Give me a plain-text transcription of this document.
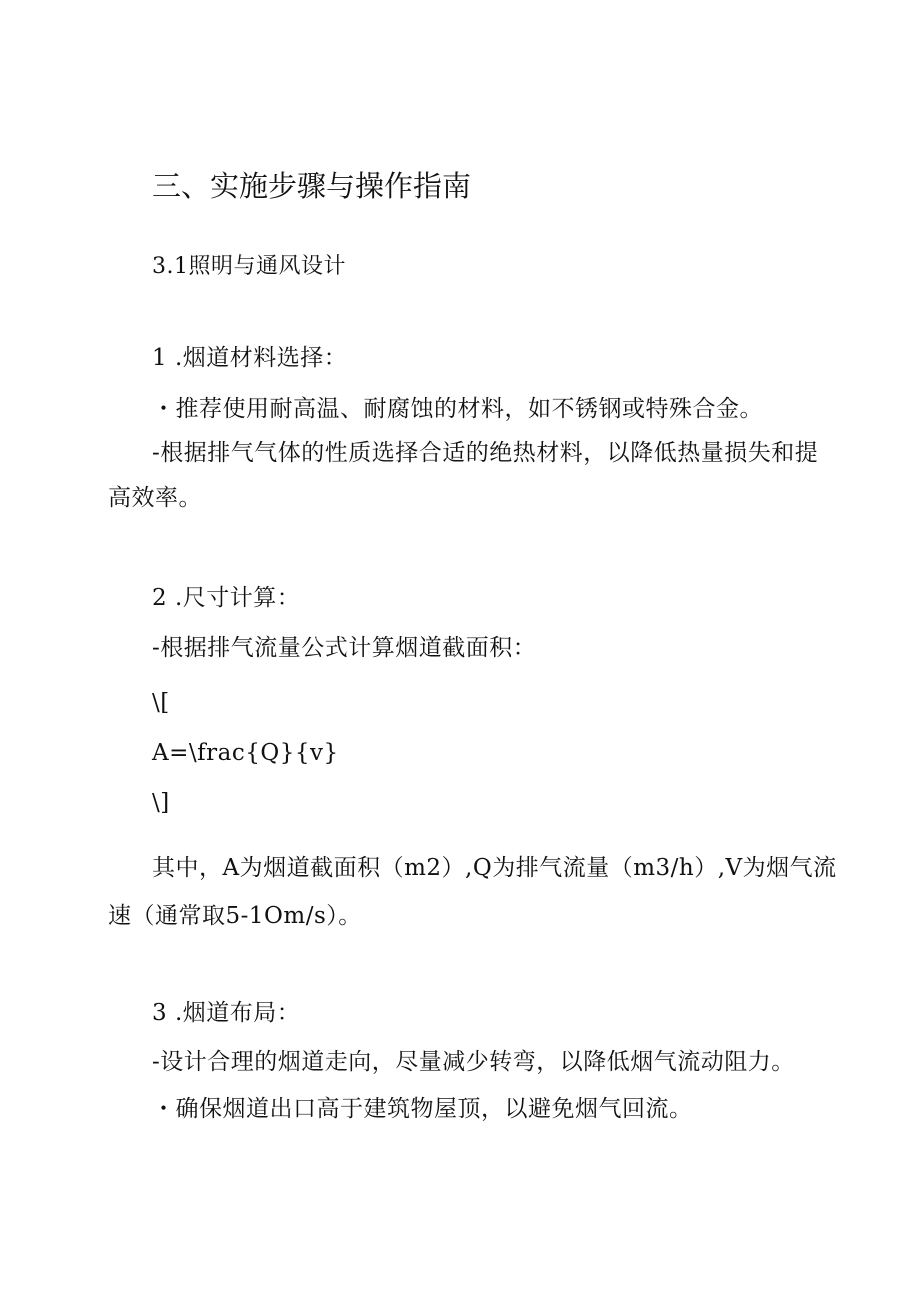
三、实施步骤与操作指南
3.1照明与通风设计
1 .烟道材料选择：
・推荐使用耐高温、耐腐蚀的材料，如不锈钢或特殊合金。
-根据排气气体的性质选择合适的绝热材料，以降低热量损失和提
高效率。
2 .尺寸计算：
-根据排气流量公式计算烟道截面积：
\[
A=\frac{Q}{v}
\]
其中，A为烟道截面积（m2）,Q为排气流量（m3/h）,V为烟气流
速（通常取5-1Om/s）。
3 .烟道布局：
-设计合理的烟道走向，尽量减少转弯，以降低烟气流动阻力。
・确保烟道出口高于建筑物屋顶，以避免烟气回流。
